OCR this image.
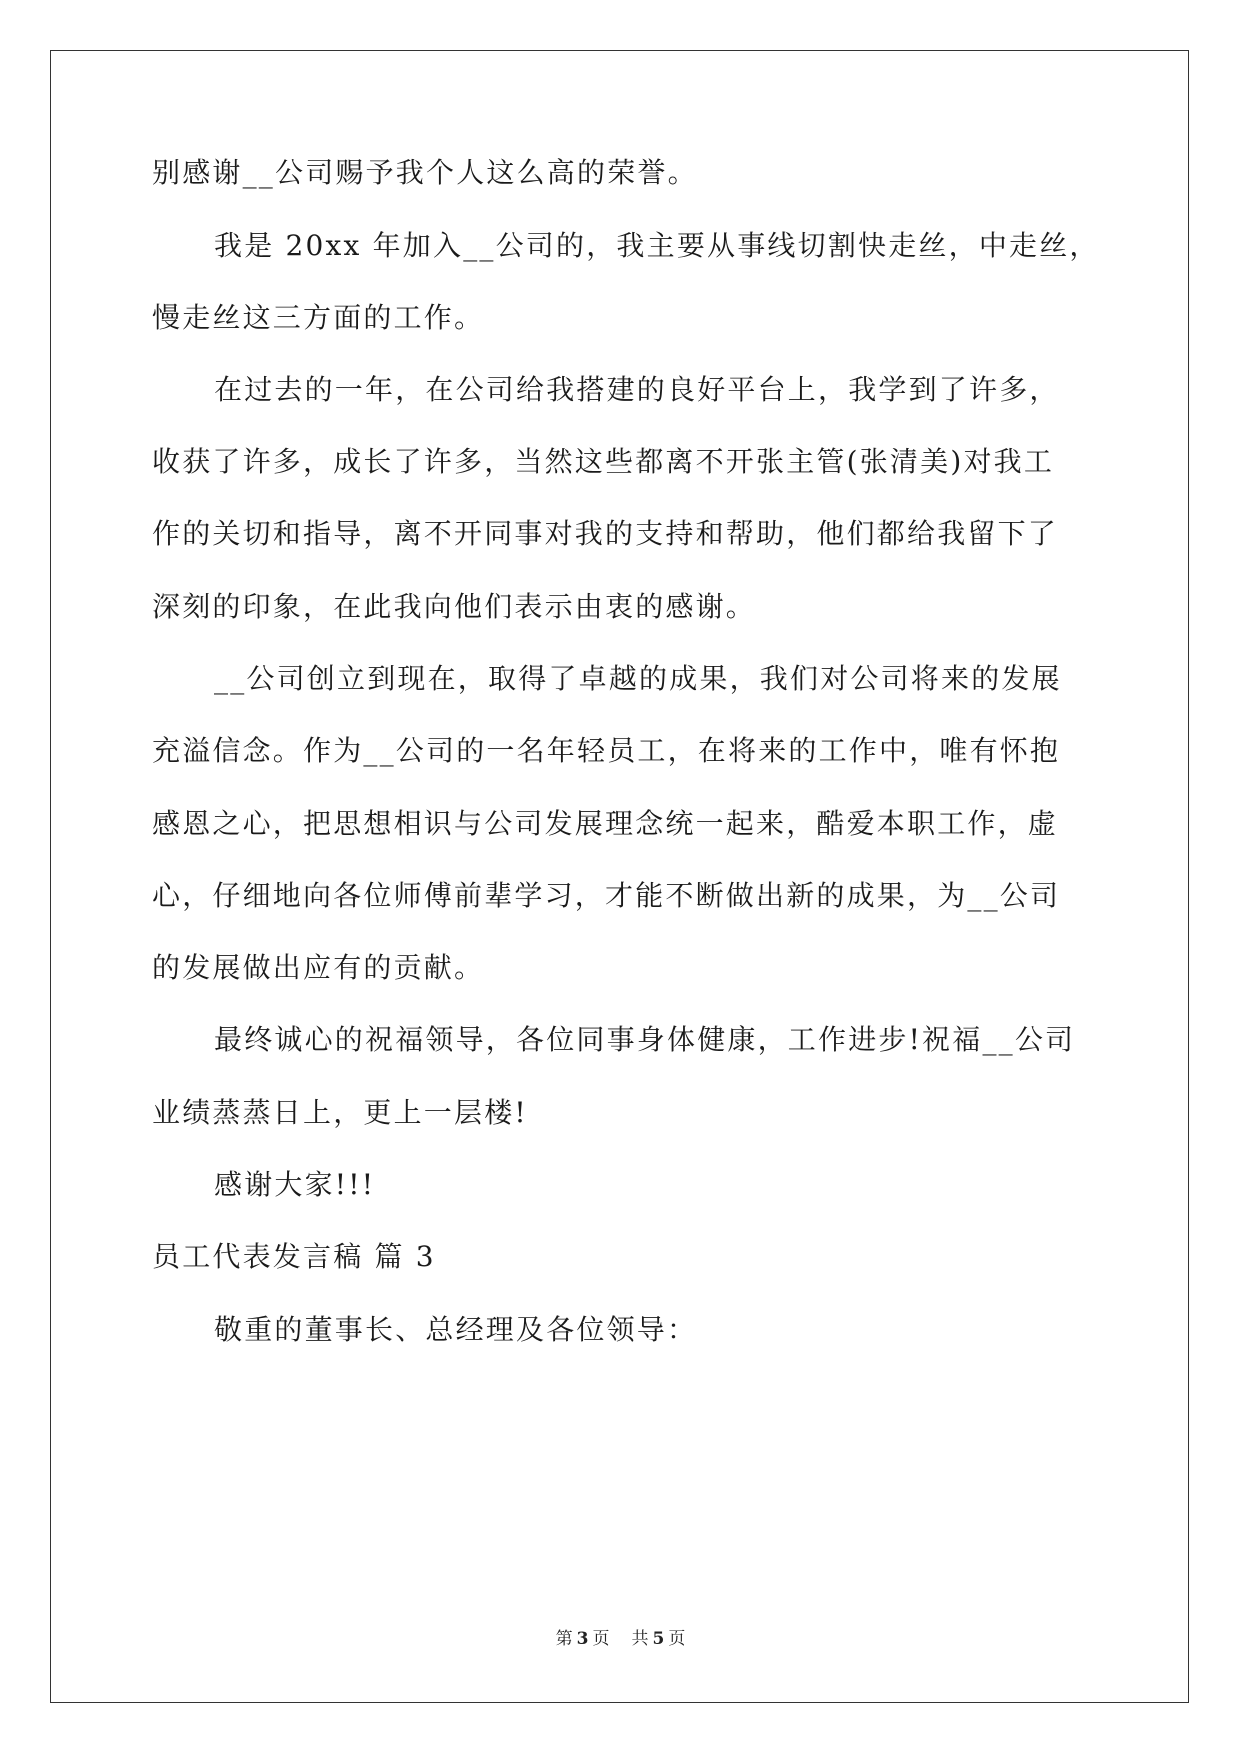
别感谢__公司赐予我个人这么高的荣誉。
我是 20xx 年加入__公司的，我主要从事线切割快走丝，中走丝，
慢走丝这三方面的工作。
在过去的一年，在公司给我搭建的良好平台上，我学到了许多，
收获了许多，成长了许多，当然这些都离不开张主管(张清美)对我工
作的关切和指导，离不开同事对我的支持和帮助，他们都给我留下了
深刻的印象，在此我向他们表示由衷的感谢。
__公司创立到现在，取得了卓越的成果，我们对公司将来的发展
充溢信念。作为__公司的一名年轻员工，在将来的工作中，唯有怀抱
感恩之心，把思想相识与公司发展理念统一起来，酷爱本职工作，虚
心，仔细地向各位师傅前辈学习，才能不断做出新的成果，为__公司
的发展做出应有的贡献。
最终诚心的祝福领导，各位同事身体健康，工作进步!祝福__公司
业绩蒸蒸日上，更上一层楼!
感谢大家!!!
员工代表发言稿 篇 3
敬重的董事长、总经理及各位领导：
第 3 页 共 5 页
